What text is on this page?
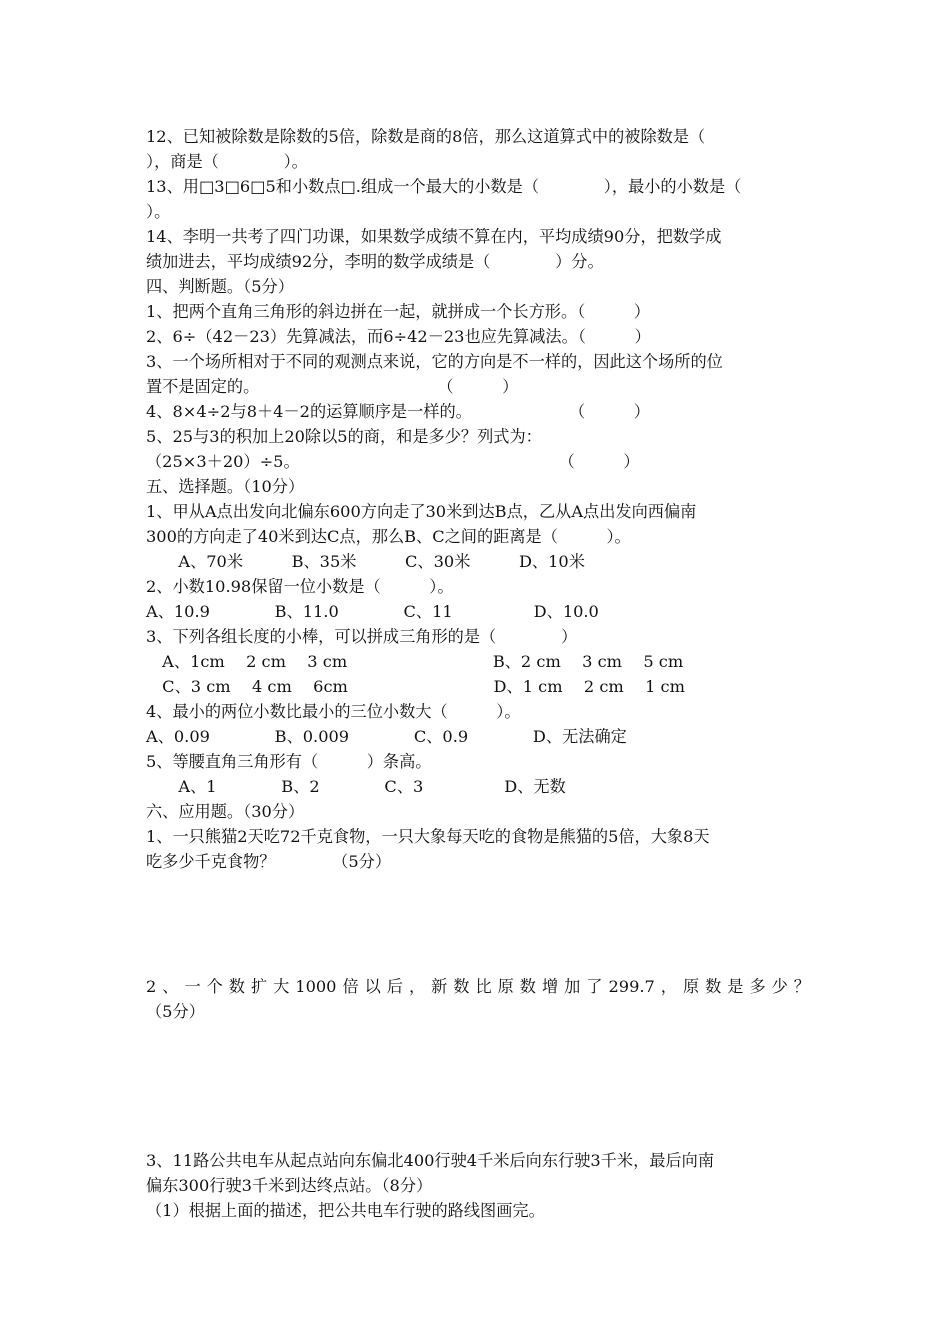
12、已知被除数是除数的5倍，除数是商的8倍，那么这道算式中的被除数是（
），商是（　　　　）。
13、用□3□6□5和小数点□.组成一个最大的小数是（　　　　），最小的小数是（
）。
14、李明一共考了四门功课，如果数学成绩不算在内，平均成绩90分，把数学成
绩加进去，平均成绩92分，李明的数学成绩是（　　　　）分。
四、判断题。（5分）
1、把两个直角三角形的斜边拼在一起，就拼成一个长方形。（　　　）
2、6÷（42－23）先算减法，而6÷42－23也应先算减法。（　　　）
3、一个场所相对于不同的观测点来说，它的方向是不一样的，因此这个场所的位
置不是固定的。　　　　　　　　　　　　（　　　）
4、8×4÷2与8＋4－2的运算顺序是一样的。　　　　　　　（　　　）
5、25与3的积加上20除以5的商，和是多少？列式为：
（25×3＋20）÷5。　　　　　　　　　　　　　　　　　（　　　）
五、选择题。（10分）
1、甲从A点出发向北偏东600方向走了30米到达B点，乙从A点出发向西偏南
300的方向走了40米到达C点，那么B、C之间的距离是（　　　）。
　　A、70米　　　B、35米　　　C、30米　　　D、10米
2、小数10.98保留一位小数是（　　　）。
A、10.9　　　　B、11.0　　　　C、11　　　　　D、10.0
3、下列各组长度的小棒，可以拼成三角形的是（　　　　）
　A、1cm　 2 cm　 3 cm　　　　　　　　　B、2 cm　 3 cm　 5 cm
　C、3 cm　 4 cm　 6cm　　　　　　　　　D、1 cm　 2 cm　 1 cm
4、最小的两位小数比最小的三位小数大（　　　）。
A、0.09　　　　B、0.009　　　　C、0.9　　　　D、无法确定
5、等腰直角三角形有（　　　）条高。
　　A、1　　　　B、2　　　　C、3　　　　　D、无数
六、应用题。（30分）
1、一只熊猫2天吃72千克食物，一只大象每天吃的食物是熊猫的5倍，大象8天
吃多少千克食物？　　　　（5分）
2、一个数扩大1000倍以后，新数比原数增加了299.7，原数是多少？
（5分）
3、11路公共电车从起点站向东偏北400行驶4千米后向东行驶3千米，最后向南
偏东300行驶3千米到达终点站。（8分）
（1）根据上面的描述，把公共电车行驶的路线图画完。
